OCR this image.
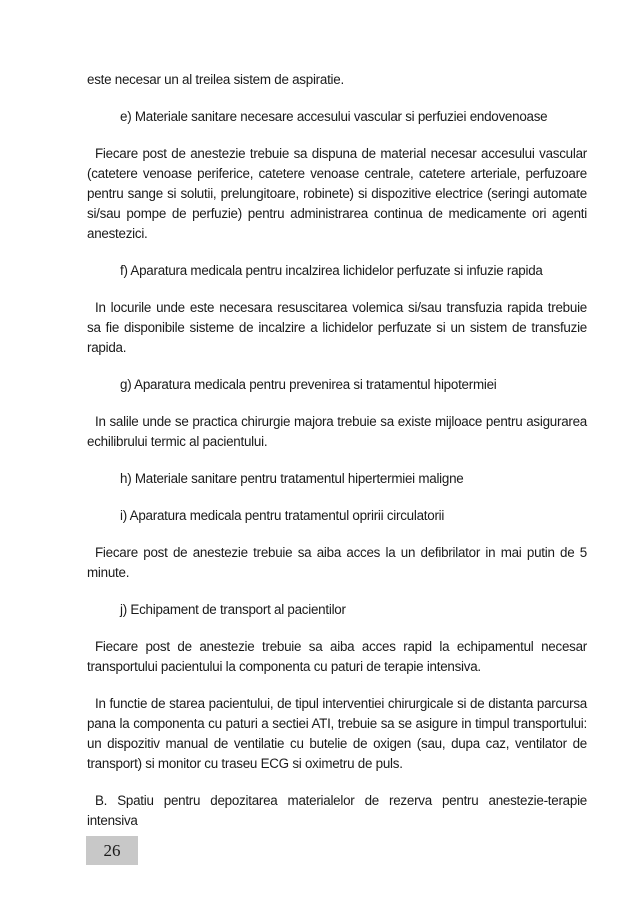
este necesar un al treilea sistem de aspiratie.

e) Materiale sanitare necesare accesului vascular si perfuziei endovenoase

Fiecare post de anestezie trebuie sa dispuna de material necesar accesului vascular (catetere venoase periferice, catetere venoase centrale, catetere arteriale, perfuzoare pentru sange si solutii, prelungitoare, robinete) si dispozitive electrice (seringi automate si/sau pompe de perfuzie) pentru administrarea continua de medicamente ori agenti anestezici.

f) Aparatura medicala pentru incalzirea lichidelor perfuzate si infuzie rapida

In locurile unde este necesara resuscitarea volemica si/sau transfuzia rapida trebuie sa fie disponibile sisteme de incalzire a lichidelor perfuzate si un sistem de transfuzie rapida.

g) Aparatura medicala pentru prevenirea si tratamentul hipotermiei

In salile unde se practica chirurgie majora trebuie sa existe mijloace pentru asigurarea echilibrului termic al pacientului.

h) Materiale sanitare pentru tratamentul hipertermiei maligne

i) Aparatura medicala pentru tratamentul opririi circulatorii

Fiecare post de anestezie trebuie sa aiba acces la un defibrilator in mai putin de 5 minute.

j) Echipament de transport al pacientilor

Fiecare post de anestezie trebuie sa aiba acces rapid la echipamentul necesar transportului pacientului la componenta cu paturi de terapie intensiva.

In functie de starea pacientului, de tipul interventiei chirurgicale si de distanta parcursa pana la componenta cu paturi a sectiei ATI, trebuie sa se asigure in timpul transportului: un dispozitiv manual de ventilatie cu butelie de oxigen (sau, dupa caz, ventilator de transport) si monitor cu traseu ECG si oximetru de puls.

B. Spatiu pentru depozitarea materialelor de rezerva pentru anestezie-terapie intensiva

26
